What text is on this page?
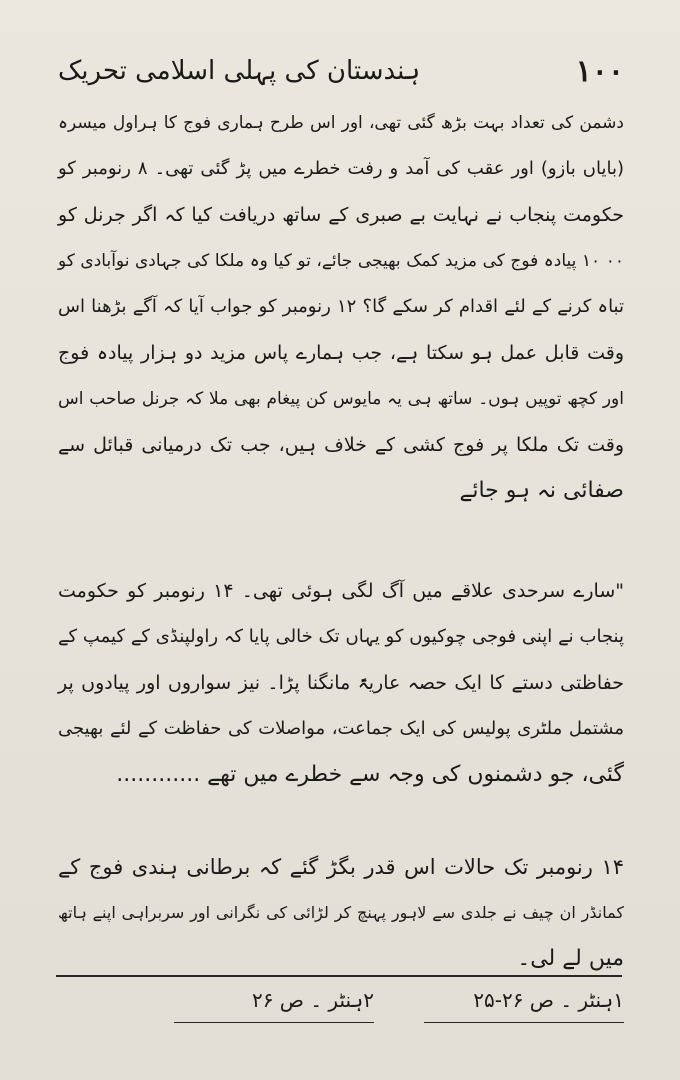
۱۰۰
ہندستان کی پہلی اسلامی تحریک
دشمن کی تعداد بہت بڑھ گئی تھی، اور اس طرح ہماری فوج کا ہراول میسرہ
(بایاں بازو) اور عقب کی آمد و رفت خطرے میں پڑ گئی تھی۔ ۸ رنومبر کو
حکومت پنجاب نے نہایت بے صبری کے ساتھ دریافت کیا کہ اگر جرنل کو
۰۰ ۱۰ پیادہ فوج کی مزید کمک بھیجی جائے، تو کیا وہ ملکا کی جہادی نوآبادی کو
تباہ کرنے کے لئے اقدام کر سکے گا؟ ۱۲ رنومبر کو جواب آیا کہ آگے بڑھنا اس
وقت قابل عمل ہو سکتا ہے، جب ہمارے پاس مزید دو ہزار پیادہ فوج
اور کچھ توپیں ہوں۔ ساتھ ہی یہ مایوس کن پیغام بھی ملا کہ جرنل صاحب اس
وقت تک ملکا پر فوج کشی کے خلاف ہیں، جب تک درمیانی قبائل سے
صفائی نہ ہو جائے
"سارے سرحدی علاقے میں آگ لگی ہوئی تھی۔ ۱۴ رنومبر کو حکومت
پنجاب نے اپنی فوجی چوکیوں کو یہاں تک خالی پایا کہ راولپنڈی کے کیمپ کے
حفاظتی دستے کا ایک حصہ عاریۃً مانگنا پڑا۔ نیز سواروں اور پیادوں پر
مشتمل ملٹری پولیس کی ایک جماعت، مواصلات کی حفاظت کے لئے بھیجی
گئی، جو دشمنوں کی وجہ سے خطرے میں تھے ............
۱۴ رنومبر تک حالات اس قدر بگڑ گئے کہ برطانی ہندی فوج کے
کمانڈر ان چیف نے جلدی سے لاہور پہنچ کر لڑائی کی نگرانی اور سربراہی اپنے ہاتھ
میں لے لی۔
۱ہنٹر ۔ ص ۲۶-۲۵
۲ہنٹر ۔ ص ۲۶
